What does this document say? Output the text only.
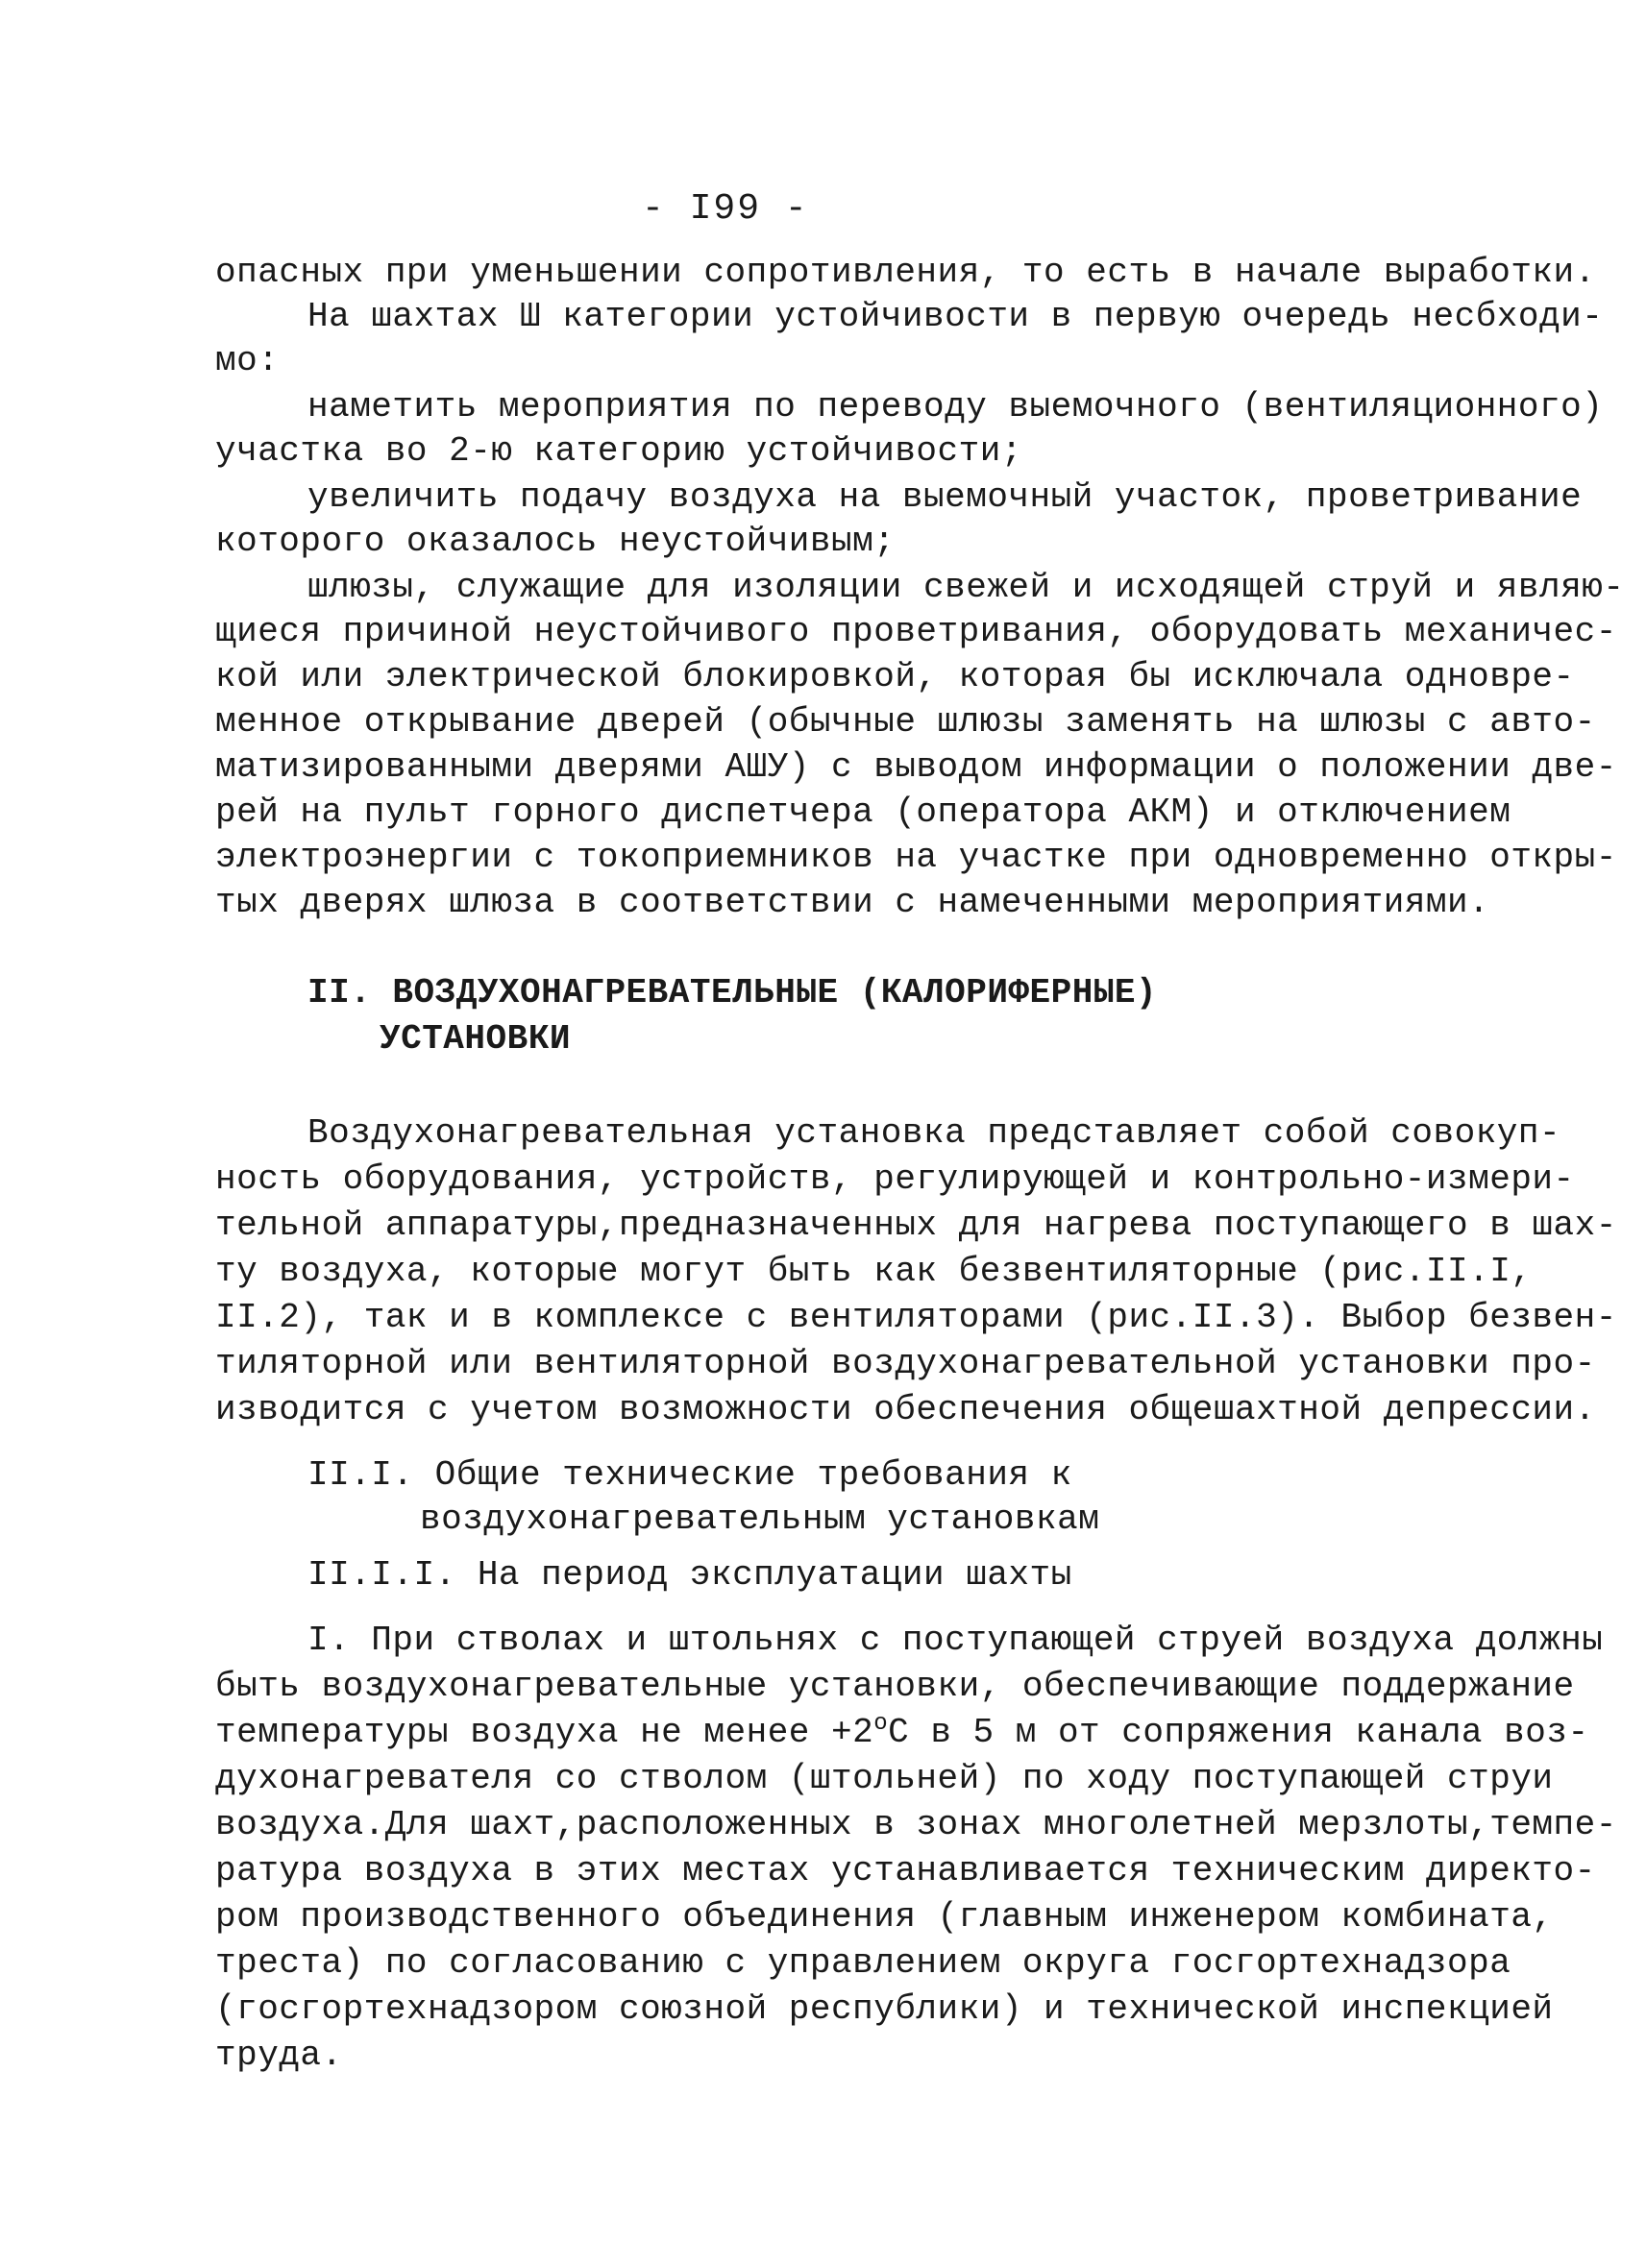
- I99 -
опасных при уменьшении сопротивления, то есть в начале выработки.
На шахтах Ш категории устойчивости в первую очередь несбходи-
мо:
наметить мероприятия по переводу выемочного (вентиляционного)
участка во 2-ю категорию устойчивости;
увеличить подачу воздуха на выемочный участок, проветривание
которого оказалось неустойчивым;
шлюзы, служащие для изоляции свежей и исходящей струй и являю-
щиеся причиной неустойчивого проветривания, оборудовать механичес-
кой или электрической блокировкой, которая бы исключала одновре-
менное открывание дверей (обычные шлюзы заменять на шлюзы с авто-
матизированными дверями АШУ) с выводом информации о положении две-
рей на пульт горного диспетчера (оператора АКМ) и отключением
электроэнергии с токоприемников на участке при одновременно откры-
тых дверях шлюза в соответствии с намеченными мероприятиями.
II. ВОЗДУХОНАГРЕВАТЕЛЬНЫЕ (КАЛОРИФЕРНЫЕ)
УСТАНОВКИ
Воздухонагревательная установка представляет собой совокуп-
ность оборудования, устройств, регулирующей и контрольно-измери-
тельной аппаратуры,предназначенных для нагрева поступающего в шах-
ту воздуха, которые могут быть как безвентиляторные (рис.II.I,
II.2), так и в комплексе с вентиляторами (рис.II.3). Выбор безвен-
тиляторной или вентиляторной воздухонагревательной установки про-
изводится с учетом возможности обеспечения общешахтной депрессии.
II.I. Общие технические требования к
воздухонагревательным установкам
II.I.I. На период эксплуатации шахты
I. При стволах и штольнях с поступающей струей воздуха должны
быть воздухонагревательные установки, обеспечивающие поддержание
температуры воздуха не менее $+2^оС$ в 5 м от сопряжения канала воз-
духонагревателя со стволом (штольней) по ходу поступающей струи
воздуха.Для шахт,расположенных в зонах многолетней мерзлоты,темпе-
ратура воздуха в этих местах устанавливается техническим директо-
ром производственного объединения (главным инженером комбината,
треста) по согласованию с управлением округа госгортехнадзора
(госгортехнадзором союзной республики) и технической инспекцией
труда.
